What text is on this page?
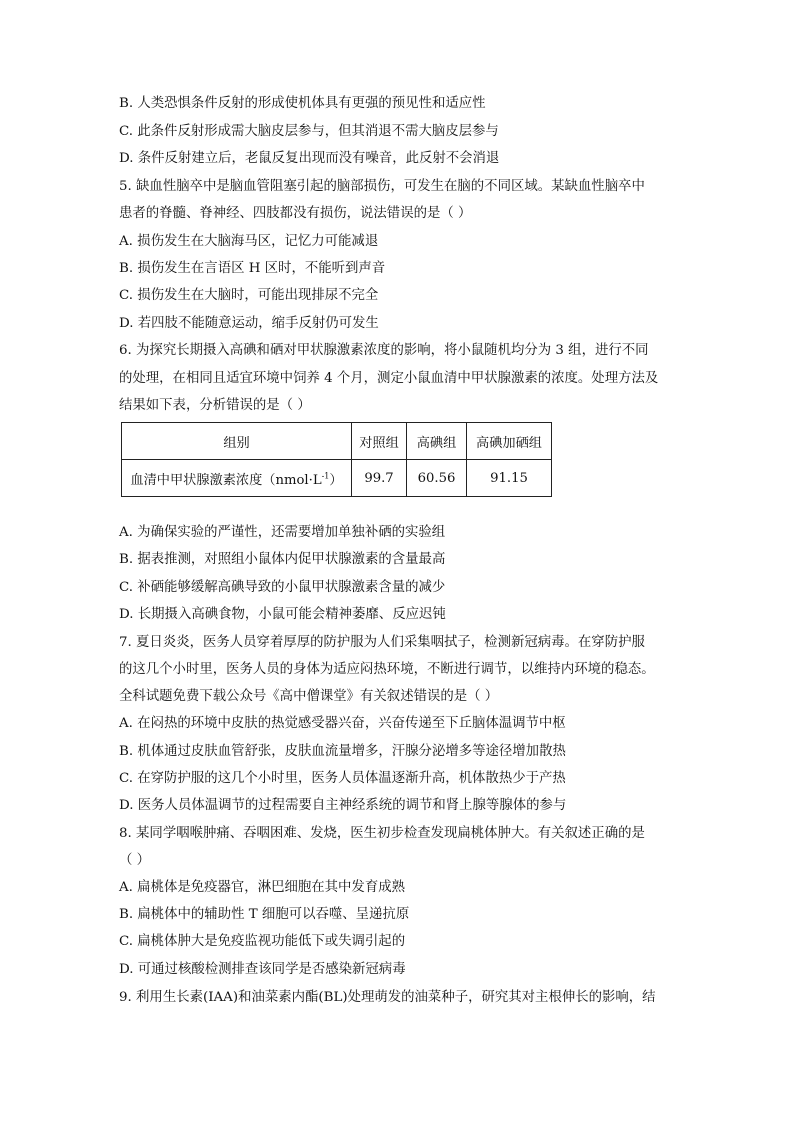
B. 人类恐惧条件反射的形成使机体具有更强的预见性和适应性
C. 此条件反射形成需大脑皮层参与，但其消退不需大脑皮层参与
D. 条件反射建立后，老鼠反复出现而没有噪音，此反射不会消退
5. 缺血性脑卒中是脑血管阻塞引起的脑部损伤，可发生在脑的不同区域。某缺血性脑卒中
患者的脊髓、脊神经、四肢都没有损伤，说法错误的是（ ）
A. 损伤发生在大脑海马区，记忆力可能减退
B. 损伤发生在言语区 H 区时，不能听到声音
C. 损伤发生在大脑时，可能出现排尿不完全
D. 若四肢不能随意运动，缩手反射仍可发生
6. 为探究长期摄入高碘和硒对甲状腺激素浓度的影响，将小鼠随机均分为 3 组，进行不同
的处理，在相同且适宜环境中饲养 4 个月，测定小鼠血清中甲状腺激素的浓度。处理方法及
结果如下表，分析错误的是（ ）
组别	对照组	高碘组	高碘加硒组
血清中甲状腺激素浓度$(nmol\cdot L^{-1})$	99.7	60.56	91.15
A. 为确保实验的严谨性，还需要增加单独补硒的实验组
B. 据表推测，对照组小鼠体内促甲状腺激素的含量最高
C. 补硒能够缓解高碘导致的小鼠甲状腺激素含量的减少
D. 长期摄入高碘食物，小鼠可能会精神萎靡、反应迟钝
7. 夏日炎炎，医务人员穿着厚厚的防护服为人们采集咽拭子，检测新冠病毒。在穿防护服
的这几个小时里，医务人员的身体为适应闷热环境，不断进行调节，以维持内环境的稳态。
全科试题免费下载公众号《高中僧课堂》有关叙述错误的是（ ）
A. 在闷热的环境中皮肤的热觉感受器兴奋，兴奋传递至下丘脑体温调节中枢
B. 机体通过皮肤血管舒张，皮肤血流量增多，汗腺分泌增多等途径增加散热
C. 在穿防护服的这几个小时里，医务人员体温逐渐升高，机体散热少于产热
D. 医务人员体温调节的过程需要自主神经系统的调节和肾上腺等腺体的参与
8. 某同学咽喉肿痛、吞咽困难、发烧，医生初步检查发现扁桃体肿大。有关叙述正确的是
（ ）
A. 扁桃体是免疫器官，淋巴细胞在其中发育成熟
B. 扁桃体中的辅助性 T 细胞可以吞噬、呈递抗原
C. 扁桃体肿大是免疫监视功能低下或失调引起的
D. 可通过核酸检测排查该同学是否感染新冠病毒
9. 利用生长素(IAA)和油菜素内酯(BL)处理萌发的油菜种子，研究其对主根伸长的影响，结
